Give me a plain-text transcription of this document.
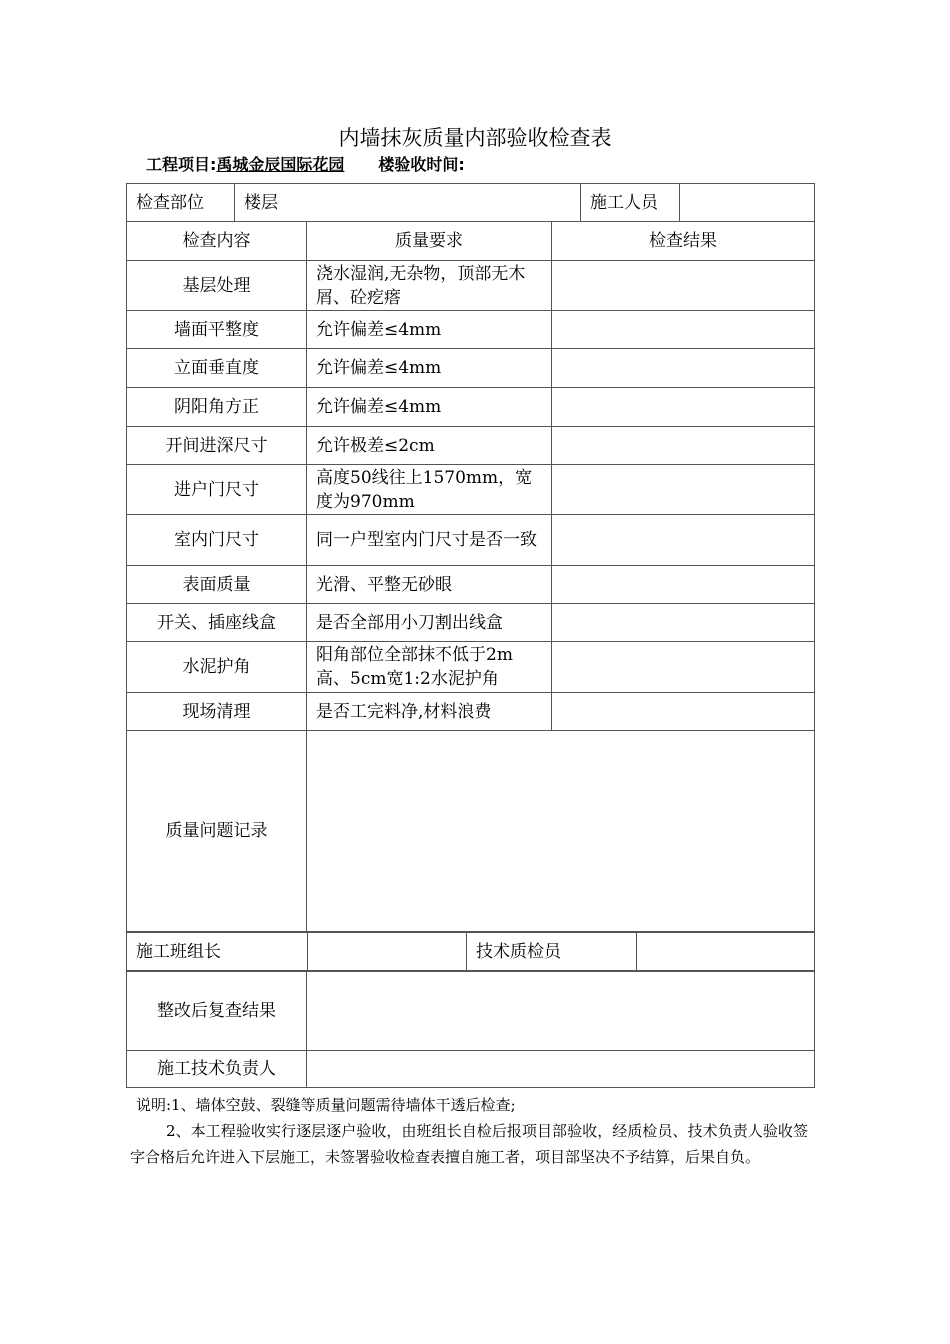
内墙抹灰质量内部验收检查表
工程项目:禹城金辰国际花园 楼验收时间:
检查部位	楼层			施工人员	
检查内容		质量要求	检查结果		
基层处理		浇水湿润,无杂物，顶部无木屑、砼疙瘩			
墙面平整度		允许偏差≤4mm			
立面垂直度		允许偏差≤4mm			
阴阳角方正		允许偏差≤4mm			
开间进深尺寸		允许极差≤2cm			
进户门尺寸		高度50线往上1570mm，宽度为970mm			
室内门尺寸		同一户型室内门尺寸是否一致			
表面质量		光滑、平整无砂眼			
开关、插座线盒		是否全部用小刀割出线盒			
水泥护角		阳角部位全部抹不低于2m高、5cm宽1:2水泥护角			
现场清理		是否工完料净,材料浪费			
质量问题记录					
施工班组长		技术质检员	
整改后复查结果	
施工技术负责人	

说明:1、墙体空鼓、裂缝等质量问题需待墙体干透后检查;

2、本工程验收实行逐层逐户验收，由班组长自检后报项目部验收，经质检员、技术负责人验收签字合格后允许进入下层施工，未签署验收检查表擅自施工者，项目部坚决不予结算，后果自负。
